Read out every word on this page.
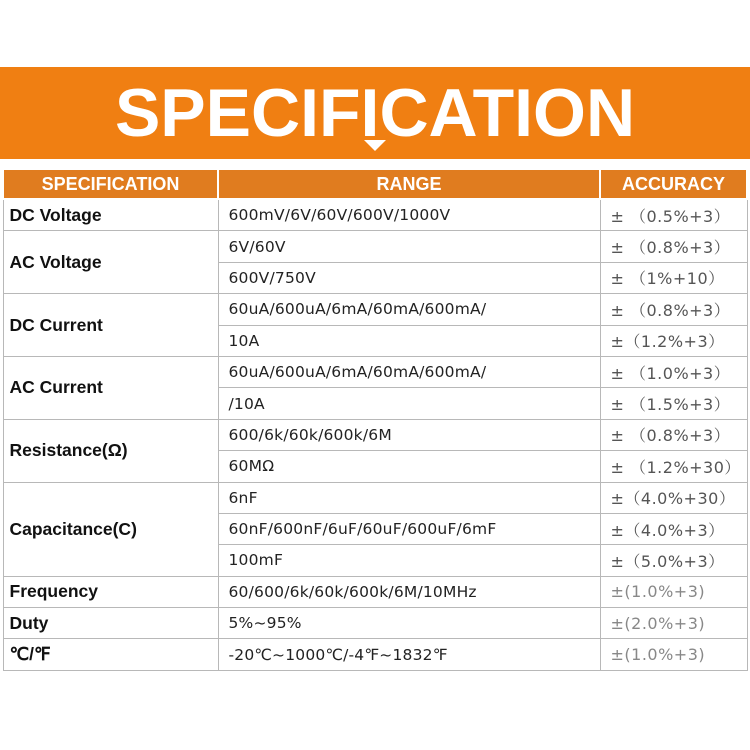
SPECIFICATION
SPECIFICATION	RANGE	ACCURACY
DC Voltage	600mV/6V/60V/600V/1000V	± （0.5%+3）
AC Voltage	6V/60V	± （0.8%+3）
	600V/750V	± （1%+10）
DC Current	60uA/600uA/6mA/60mA/600mA/	± （0.8%+3）
	10A	±（1.2%+3）
AC Current	60uA/600uA/6mA/60mA/600mA/	± （1.0%+3）
	/10A	± （1.5%+3）
Resistance(Ω)	600/6k/60k/600k/6M	± （0.8%+3）
	60MΩ	± （1.2%+30）
Capacitance(C)	6nF	±（4.0%+30）
	60nF/600nF/6uF/60uF/600uF/6mF	±（4.0%+3）
	100mF	±（5.0%+3）
Frequency	60/600/6k/60k/600k/6M/10MHz	±(1.0%+3)
Duty	5%~95%	±(2.0%+3)
℃/℉	-20℃~1000℃/-4℉~1832℉	±(1.0%+3)
